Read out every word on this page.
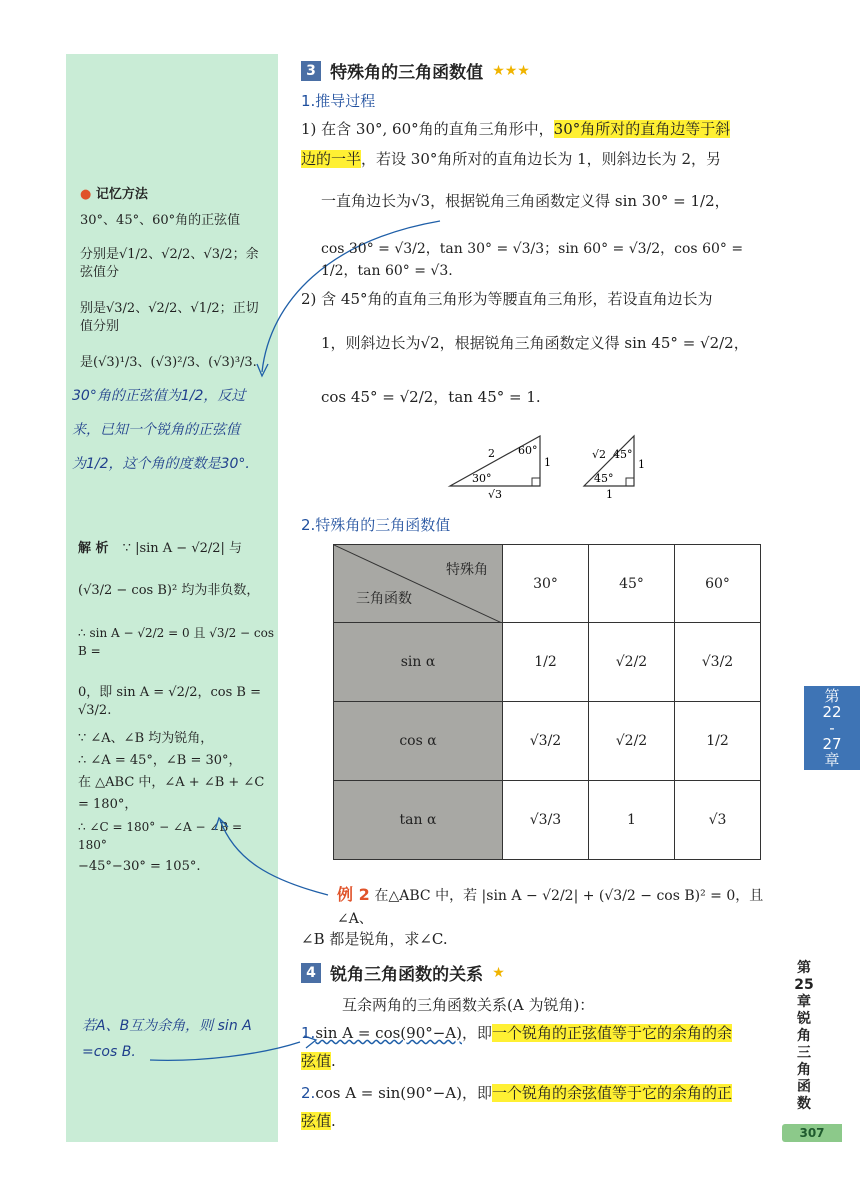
● 记忆方法
30°、45°、60°角的正弦值
分别是√1/2、√2/2、√3/2；余弦值分
别是√3/2、√2/2、√1/2；正切值分别
是(√3)¹/3、(√3)²/3、(√3)³/3.
30°角的正弦值为1/2，反过
来，已知一个锐角的正弦值
为1/2，这个角的度数是30°.
解 析 ∵ |sin A − √2/2| 与
(√3/2 − cos B)² 均为非负数，
∴ sin A − √2/2 = 0 且 √3/2 − cos B =
0，即 sin A = √2/2，cos B = √3/2.
∵ ∠A、∠B 均为锐角，
∴ ∠A = 45°，∠B = 30°，
在 △ABC 中，∠A + ∠B + ∠C
= 180°，
∴ ∠C = 180° − ∠A − ∠B = 180°
−45°−30° = 105°.
若A、B互为余角，则 sin A
=cos B.
3 特殊角的三角函数值 ★★★
1.推导过程
1) 在含 30°, 60°角的直角三角形中，30°角所对的直角边等于斜
边的一半，若设 30°角所对的直角边长为 1，则斜边长为 2，另
一直角边长为√3，根据锐角三角函数定义得 sin 30° = 1/2，
cos 30° = √3/2，tan 30° = √3/3；sin 60° = √3/2，cos 60° = 1/2，tan 60° = √3.
2) 含 45°角的直角三角形为等腰直角三角形，若设直角边长为
1，则斜边长为√2，根据锐角三角函数定义得 sin 45° = √2/2，
cos 45° = √2/2，tan 45° = 1.
2 60°
1
30°
√3
√2 45°
1
45°
1
2.特殊角的三角函数值
特殊角
三角函数	30°	45°	60°
sin α	1/2	√2/2	√3/2
cos α	√3/2	√2/2	1/2
tan α	√3/3	1	√3
例 2 在△ABC 中，若 |sin A − √2/2| + (√3/2 − cos B)² = 0，且∠A、
∠B 都是锐角，求∠C.
4 锐角三角函数的关系 ★
互余两角的三角函数关系(A 为锐角)：
1.sin A = cos(90°−A)，即一个锐角的正弦值等于它的余角的余
弦值.
2.cos A = sin(90°−A)，即一个锐角的余弦值等于它的余角的正
弦值.
第
22
-
27
章
第25章 锐角三角函数
307
